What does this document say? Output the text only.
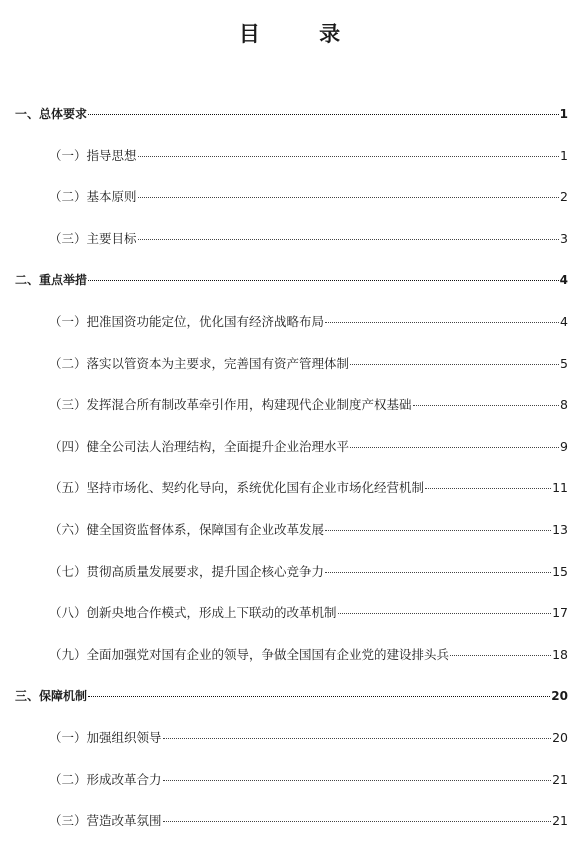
目 录
一、总体要求	1
（一）指导思想	1
（二）基本原则	2
（三）主要目标	3
二、重点举措	4
（一）把准国资功能定位，优化国有经济战略布局	4
（二）落实以管资本为主要求，完善国有资产管理体制	5
（三）发挥混合所有制改革牵引作用，构建现代企业制度产权基础	8
（四）健全公司法人治理结构，全面提升企业治理水平	9
（五）坚持市场化、契约化导向，系统优化国有企业市场化经营机制	11
（六）健全国资监督体系，保障国有企业改革发展	13
（七）贯彻高质量发展要求，提升国企核心竞争力	15
（八）创新央地合作模式，形成上下联动的改革机制	17
（九）全面加强党对国有企业的领导，争做全国国有企业党的建设排头兵	18
三、保障机制	20
（一）加强组织领导	20
（二）形成改革合力	21
（三）营造改革氛围	21
